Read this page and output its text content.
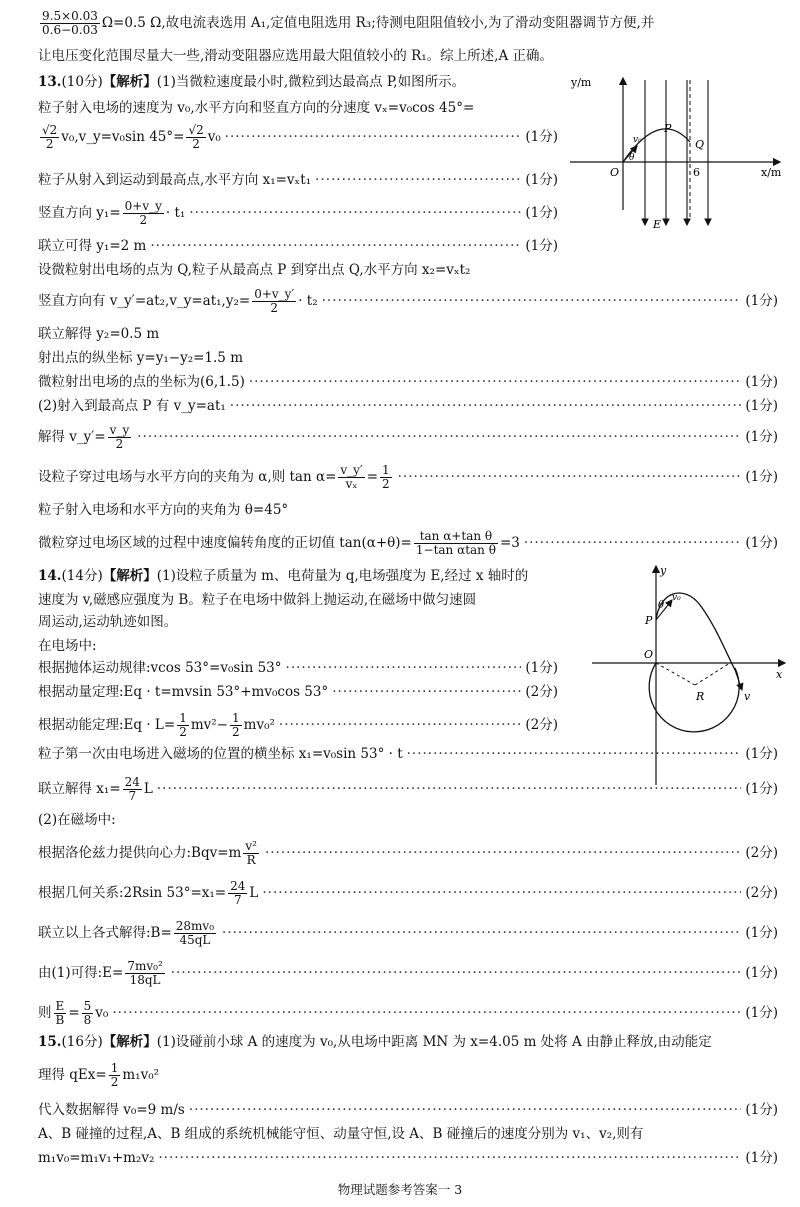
$\frac{9.5\times 0.03}{0.6-0.03} \Omega=0.5$ Ω,故电流表选用 A₁,定值电阻选用 R₃;待测电阻阻值较小,为了滑动变阻器调节方便,并
让电压变化范围尽量大一些,滑动变阻器应选用最大阻值较小的 R₁。综上所述,A 正确。
13.(10分)【解析】(1)当微粒速度最小时,微粒到达最高点 P,如图所示。
粒子射入电场的速度为 v₀,水平方向和竖直方向的分速度 vₓ=v₀cos 45°=
$\frac{√2}{2}$ v₀,v_y=v₀sin $45^\circ= \frac{√2}{2} v_0$ ·····	(1分)
粒子从射入到运动到最高点,水平方向 x₁=vₓt₁ ·····	(1分)
竖直方向 $y_1= \frac{0+v\_y}{2} \cdot t_1$ ·····	(1分)
联立可得 y₁=2 m ·····	(1分)
设微粒射出电场的点为 Q,粒子从最高点 P 到穿出点 Q,水平方向 x₂=vₓt₂
竖直方向有 v_y′=at₂,v_y=at₁,y₂= $\frac{0+v\_y'}{2} \cdot t_2$ ·····	(1分)
联立解得 y₂=0.5 m
射出点的纵坐标 y=y₁−y₂=1.5 m
微粒射出电场的点的坐标为(6,1.5) ·····	(1分)
(2)射入到最高点 P 有 v_y=at₁ ·····	(1分)
解得 v_y′= $\frac{v\_y}{2}$ ·····	(1分)
设粒子穿过电场与水平方向的夹角为 α,则 $\tan \alpha= \frac{v\_y'}{\text{vₓ}} = \frac{1}{2}$ ·····	(1分)
粒子射入电场和水平方向的夹角为 θ=45°
微粒穿过电场区域的过程中速度偏转角度的正切值 $\tan(\alpha+\theta)= \frac{\text{tan α+tan θ}}{\text{1−tan αtan θ}} =3$ ·····	(1分)
y/m
x/m
O
P
Q
6
E
v₀
θ
14.(14分)【解析】(1)设粒子质量为 m、电荷量为 q,电场强度为 E,经过 x 轴时的
速度为 v,磁感应强度为 B。粒子在电场中做斜上抛运动,在磁场中做匀速圆
周运动,运动轨迹如图。
在电场中:
根据抛体运动规律:vcos 53°=v₀sin 53° ·····	(1分)
根据动量定理:Eq · t=mvsin 53°+mv₀cos 53° ·····	(2分)
根据动能定理:Eq · $L= \frac{1}{2} mv^2- \frac{1}{2} mv_0^2$ ·····	(2分)
粒子第一次由电场进入磁场的位置的横坐标 x₁=v₀sin 53° · t ·····	(1分)
联立解得 $x_1= \frac{24}{7}$ L ·····	(1分)
(2)在磁场中:
根据洛伦兹力提供向心力:Bqv=m $\frac{\text{v²}}{R}$ ·····	(2分)
根据几何关系:2Rsin $53^\circ=x_1= \frac{24}{7}$ L ·····	(2分)
联立以上各式解得:B= $\frac{\text{28mv₀}}{45qL}$ ·····	(1分)
由(1)可得:E= $\frac{\text{7mv₀²}}{18qL}$ ·····	(1分)
则 $\frac{E}{B} = \frac{5}{8} v_0$ ·····	(1分)
y
x
O
P
θ
v₀
R	v
15.(16分)【解析】(1)设碰前小球 A 的速度为 v₀,从电场中距离 MN 为 x=4.05 m 处将 A 由静止释放,由动能定
理得 $qEx= \frac{1}{2} m_1v_0^2$
代入数据解得 v₀=9 m/s ·····	(1分)
A、B 碰撞的过程,A、B 组成的系统机械能守恒、动量守恒,设 A、B 碰撞后的速度分别为 v₁、v₂,则有
m₁v₀=m₁v₁+m₂v₂ ·····	(1分)
物理试题参考答案一 3
